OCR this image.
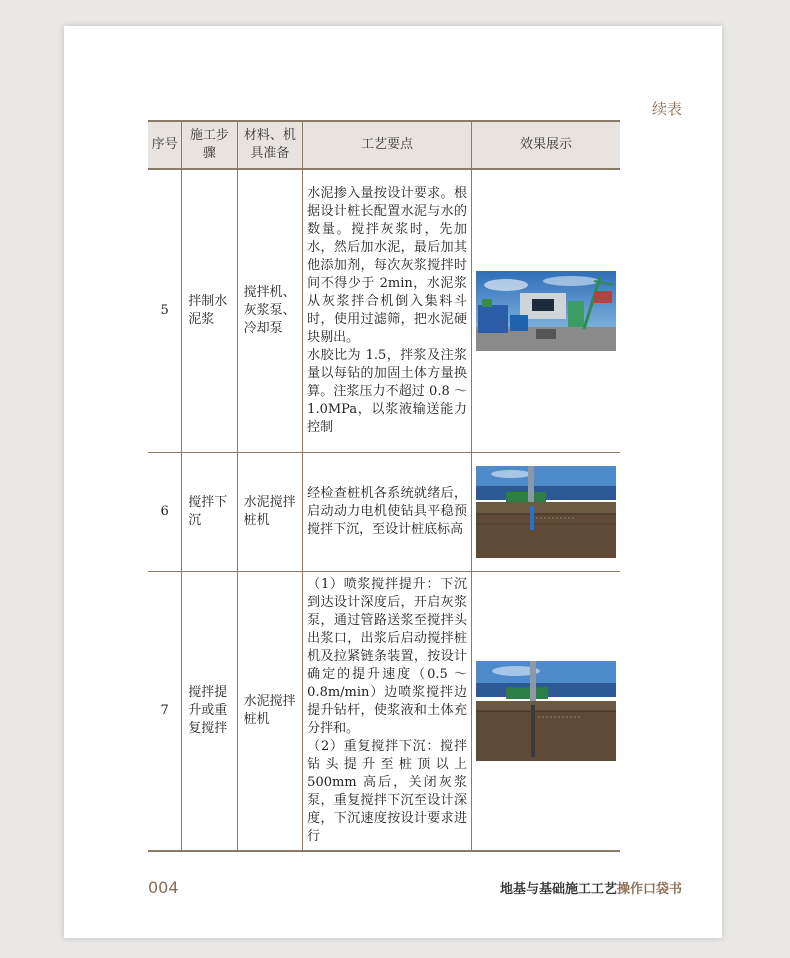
续表
序号	施工步骤	材料、机具准备	工艺要点	效果展示
5	拌制水泥浆	搅拌机、灰浆泵、冷却泵	水泥掺入量按设计要求。根据设计桩长配置水泥与水的数量。搅拌灰浆时，先加水，然后加水泥，最后加其他添加剂，每次灰浆搅拌时间不得少于 2min，水泥浆从灰浆拌合机倒入集料斗时，使用过滤筛，把水泥硬块剔出。
水胶比为 1.5，拌浆及注浆量以每钻的加固土体方量换算。注浆压力不超过 0.8 ～ 1.0MPa，以浆液输送能力控制

6	搅拌下沉	水泥搅拌桩机	经检查桩机各系统就绪后，启动动力电机使钻具平稳预搅拌下沉，至设计桩底标高

7	搅拌提升或重复搅拌	水泥搅拌桩机	（1）喷浆搅拌提升：下沉到达设计深度后，开启灰浆泵，通过管路送浆至搅拌头出浆口，出浆后启动搅拌桩机及拉紧链条装置，按设计确定的提升速度（0.5 ～ 0.8m/min）边喷浆搅拌边提升钻杆，使浆液和土体充分拌和。
（2）重复搅拌下沉：搅拌钻头提升至桩顶以上 500mm 高后，关闭灰浆泵，重复搅拌下沉至设计深度，下沉速度按设计要求进行

004	地基与基础施工工艺操作口袋书
